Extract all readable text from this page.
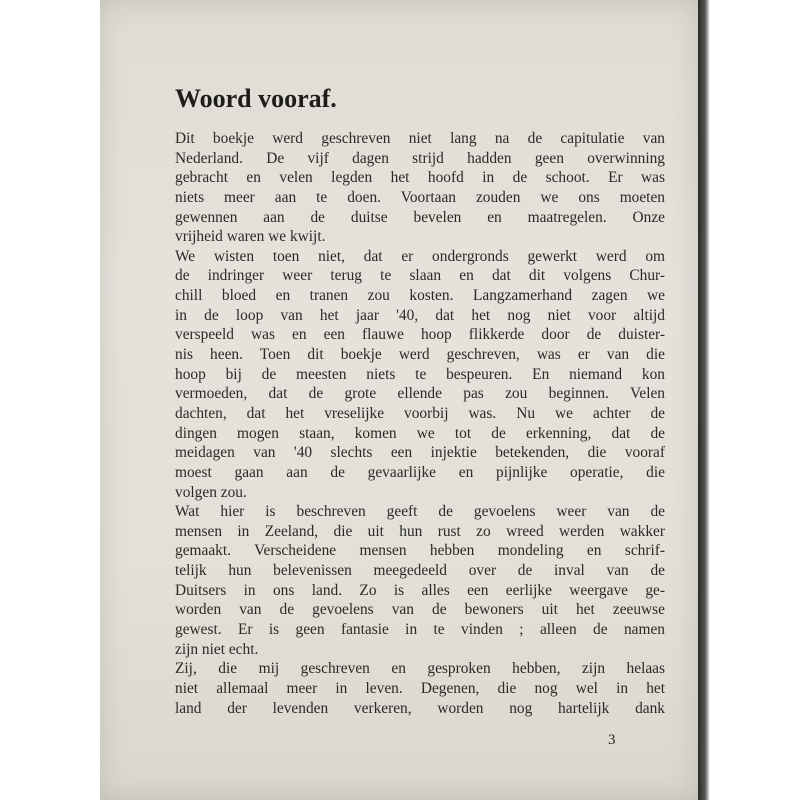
Woord vooraf.
Dit boekje werd geschreven niet lang na de capitulatie van
Nederland. De vijf dagen strijd hadden geen overwinning
gebracht en velen legden het hoofd in de schoot. Er was
niets meer aan te doen. Voortaan zouden we ons moeten
gewennen aan de duitse bevelen en maatregelen. Onze
vrijheid waren we kwijt.
We wisten toen niet, dat er ondergronds gewerkt werd om
de indringer weer terug te slaan en dat dit volgens Chur-
chill bloed en tranen zou kosten. Langzamerhand zagen we
in de loop van het jaar '40, dat het nog niet voor altijd
verspeeld was en een flauwe hoop flikkerde door de duister-
nis heen. Toen dit boekje werd geschreven, was er van die
hoop bij de meesten niets te bespeuren. En niemand kon
vermoeden, dat de grote ellende pas zou beginnen. Velen
dachten, dat het vreselijke voorbij was. Nu we achter de
dingen mogen staan, komen we tot de erkenning, dat de
meidagen van '40 slechts een injektie betekenden, die vooraf
moest gaan aan de gevaarlijke en pijnlijke operatie, die
volgen zou.
Wat hier is beschreven geeft de gevoelens weer van de
mensen in Zeeland, die uit hun rust zo wreed werden wakker
gemaakt. Verscheidene mensen hebben mondeling en schrif-
telijk hun belevenissen meegedeeld over de inval van de
Duitsers in ons land. Zo is alles een eerlijke weergave ge-
worden van de gevoelens van de bewoners uit het zeeuwse
gewest. Er is geen fantasie in te vinden ; alleen de namen
zijn niet echt.
Zij, die mij geschreven en gesproken hebben, zijn helaas
niet allemaal meer in leven. Degenen, die nog wel in het
land der levenden verkeren, worden nog hartelijk dank
3
